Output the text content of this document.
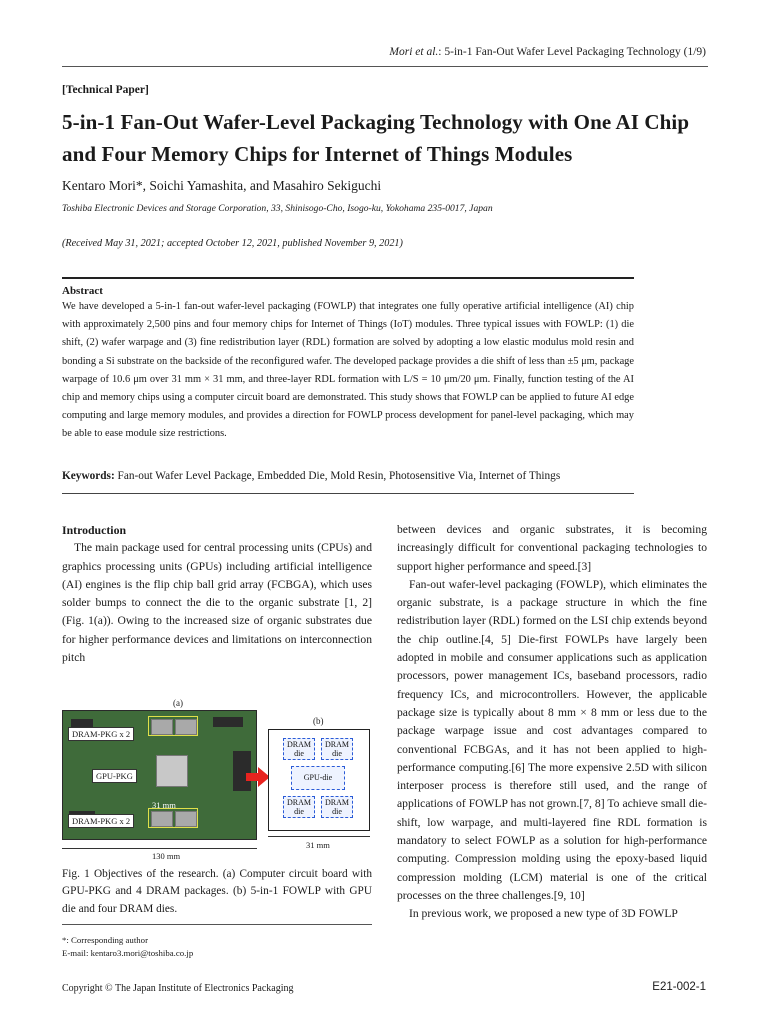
Mori et al.: 5-in-1 Fan-Out Wafer Level Packaging Technology (1/9)
[Technical Paper]
5-in-1 Fan-Out Wafer-Level Packaging Technology with One AI Chip and Four Memory Chips for Internet of Things Modules
Kentaro Mori*, Soichi Yamashita, and Masahiro Sekiguchi
Toshiba Electronic Devices and Storage Corporation, 33, Shinisogo-Cho, Isogo-ku, Yokohama 235-0017, Japan
(Received May 31, 2021; accepted October 12, 2021, published November 9, 2021)
Abstract
We have developed a 5-in-1 fan-out wafer-level packaging (FOWLP) that integrates one fully operative artificial intelligence (AI) chip with approximately 2,500 pins and four memory chips for Internet of Things (IoT) modules. Three typical issues with FOWLP: (1) die shift, (2) wafer warpage and (3) fine redistribution layer (RDL) formation are solved by adopting a low elastic modulus mold resin and bonding a Si substrate on the backside of the reconfigured wafer. The developed package provides a die shift of less than ±5 μm, package warpage of 10.6 μm over 31 mm × 31 mm, and three-layer RDL formation with L/S = 10 μm/20 μm. Finally, function testing of the AI chip and memory chips using a computer circuit board are demonstrated. This study shows that FOWLP can be applied to future AI edge computing and large memory modules, and provides a direction for FOWLP process development for panel-level packaging, which may be able to ease module size restrictions.
Keywords: Fan-out Wafer Level Package, Embedded Die, Mold Resin, Photosensitive Via, Internet of Things
Introduction
The main package used for central processing units (CPUs) and graphics processing units (GPUs) including artificial intelligence (AI) engines is the flip chip ball grid array (FCBGA), which uses solder bumps to connect the die to the organic substrate [1, 2] (Fig. 1(a)). Owing to the increased size of organic substrates due for higher performance devices and limitations on interconnection pitch
(a)
DRAM-PKG x 2
GPU-PKG
DRAM-PKG x 2
31 mm
(b)
DRAM die
DRAM die
GPU-die
DRAM die
DRAM die
31 mm
130 mm
Fig. 1 Objectives of the research. (a) Computer circuit board with GPU-PKG and 4 DRAM packages. (b) 5-in-1 FOWLP with GPU die and four DRAM dies.
*: Corresponding author
E-mail: kentaro3.mori@toshiba.co.jp
between devices and organic substrates, it is becoming increasingly difficult for conventional packaging technologies to support higher performance and speed.[3]
Fan-out wafer-level packaging (FOWLP), which eliminates the organic substrate, is a package structure in which the fine redistribution layer (RDL) formed on the LSI chip extends beyond the chip outline.[4, 5] Die-first FOWLPs have largely been adopted in mobile and consumer applications such as application processors, power management ICs, baseband processors, radio frequency ICs, and microcontrollers. However, the applicable package size is typically about 8 mm × 8 mm or less due to the package warpage issue and cost advantages compared to conventional FCBGAs, and it has not been applied to high-performance computing.[6] The more expensive 2.5D with silicon interposer process is therefore still used, and the range of applications of FOWLP has not grown.[7, 8] To achieve small die-shift, low warpage, and multi-layered fine RDL formation is mandatory to select FOWLP as a solution for high-performance computing. Compression molding using the epoxy-based liquid compression molding (LCM) material is one of the critical processes on the three challenges.[9, 10]
In previous work, we proposed a new type of 3D FOWLP
Copyright © The Japan Institute of Electronics Packaging	E21-002-1
